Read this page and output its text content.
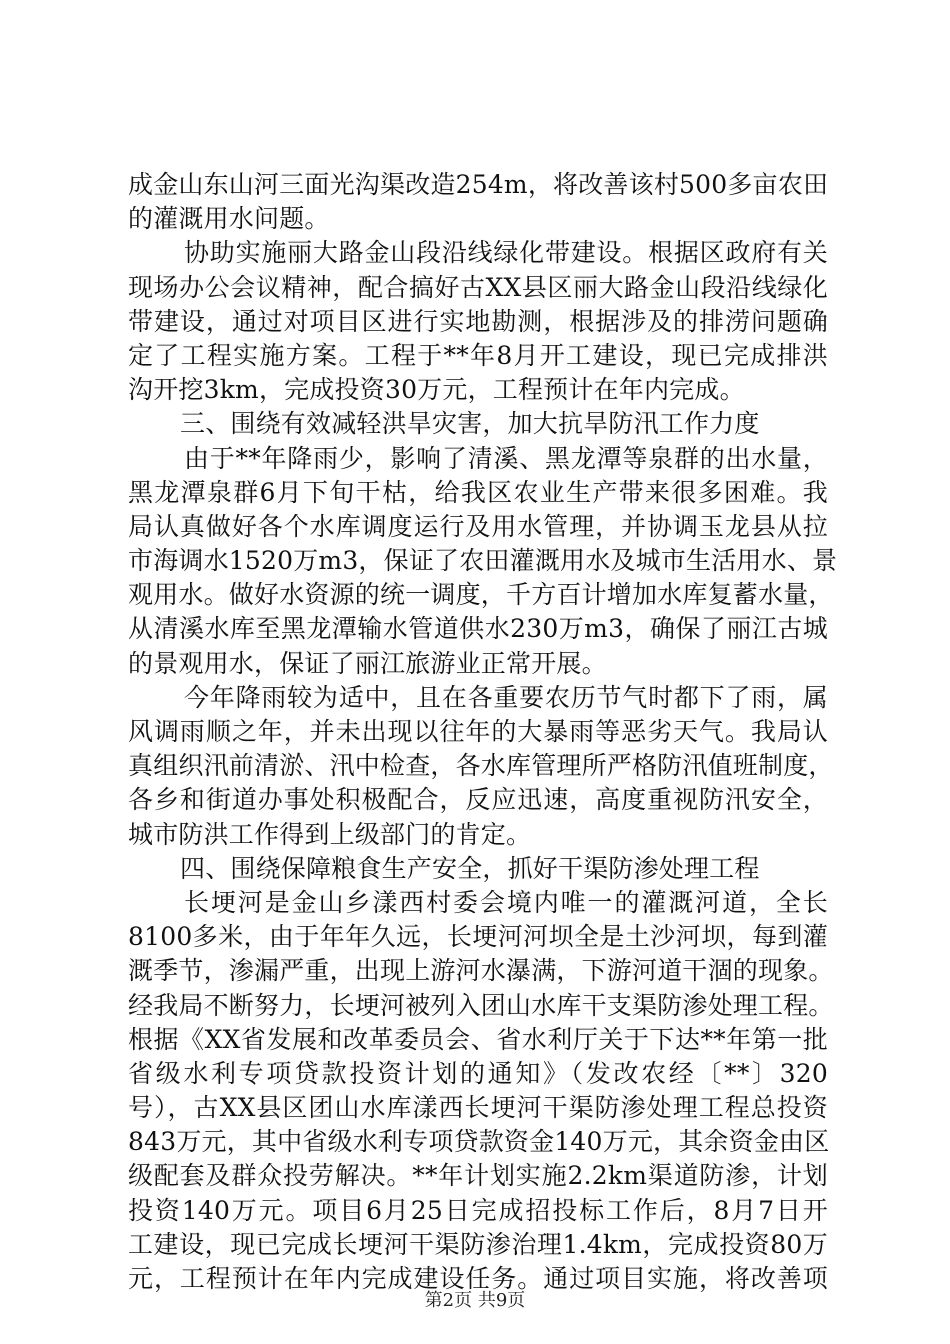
成金山东山河三面光沟渠改造254m，将改善该村500多亩农田
的灌溉用水问题。
协助实施丽大路金山段沿线绿化带建设。根据区政府有关
现场办公会议精神，配合搞好古XX县区丽大路金山段沿线绿化
带建设，通过对项目区进行实地勘测，根据涉及的排涝问题确
定了工程实施方案。工程于**年8月开工建设，现已完成排洪
沟开挖3km，完成投资30万元，工程预计在年内完成。
三、围绕有效减轻洪旱灾害，加大抗旱防汛工作力度
由于**年降雨少，影响了清溪、黑龙潭等泉群的出水量，
黑龙潭泉群6月下旬干枯，给我区农业生产带来很多困难。我
局认真做好各个水库调度运行及用水管理，并协调玉龙县从拉
市海调水1520万m3，保证了农田灌溉用水及城市生活用水、景
观用水。做好水资源的统一调度，千方百计增加水库复蓄水量，
从清溪水库至黑龙潭输水管道供水230万m3，确保了丽江古城
的景观用水，保证了丽江旅游业正常开展。
今年降雨较为适中，且在各重要农历节气时都下了雨，属
风调雨顺之年，并未出现以往年的大暴雨等恶劣天气。我局认
真组织汛前清淤、汛中检查，各水库管理所严格防汛值班制度，
各乡和街道办事处积极配合，反应迅速，高度重视防汛安全，
城市防洪工作得到上级部门的肯定。
四、围绕保障粮食生产安全，抓好干渠防渗处理工程
长埂河是金山乡漾西村委会境内唯一的灌溉河道，全长
8100多米，由于年年久远，长埂河河坝全是土沙河坝，每到灌
溉季节，渗漏严重，出现上游河水瀑满，下游河道干涸的现象。
经我局不断努力，长埂河被列入团山水库干支渠防渗处理工程。
根据《XX省发展和改革委员会、省水利厅关于下达**年第一批
省级水利专项贷款投资计划的通知》（发改农经〔**〕320
号），古XX县区团山水库漾西长埂河干渠防渗处理工程总投资
843万元，其中省级水利专项贷款资金140万元，其余资金由区
级配套及群众投劳解决。**年计划实施2.2km渠道防渗，计划
投资140万元。项目6月25日完成招投标工作后，8月7日开
工建设，现已完成长埂河干渠防渗治理1.4km，完成投资80万
元，工程预计在年内完成建设任务。通过项目实施，将改善项
第2页 共9页
